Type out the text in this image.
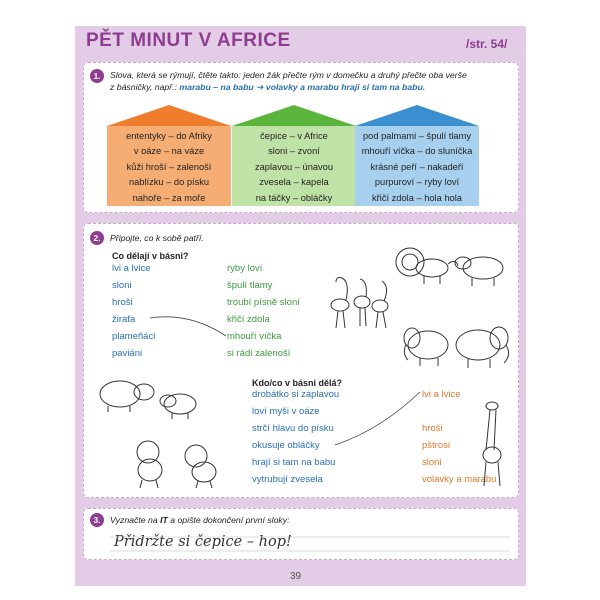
PĚT MINUT V AFRICE	/str. 54/
1.	Slova, která se rýmují, čtěte takto: jeden žák přečte rým v domečku a druhý přečte oba verše
z básničky, např.: marabu – na babu ➔ volavky a marabu hrají si tam na babu.

ententyky – do Afriky
v oáze – na váze
kůži hroší – zalenoší
nablízku – do písku
nahoře – za moře
čepice – v Africe
sloni – zvoní
zaplavou – únavou
zvesela – kapela
na táčky – obláčky
pod palmami – špulí tlamy
mhouří víčka – do sluníčka
krásné peří – nakadeří
purpuroví – ryby loví
křičí zdola – hola hola
2.	Připojte, co k sobě patří.

Co dělají v básni?
lvi a lvice
sloni
hroši
žirafa
plameňáci
paviáni
ryby loví
špulí tlamy
troubí písně sloní
křičí zdola
mhouří víčka
si rádi zalenoší
Kdo/co v básni dělá?
drobátko si zaplavou
loví myši v oáze
strčí hlavu do písku
okusuje obláčky
hrají si tam na babu
vytrubují zvesela
lvi a lvice
hroši
pštrosi
sloni
volavky a marabu
3.	Vyznačte na IT a opište dokončení první sloky:

Přidržte si čepice – hop!
39
